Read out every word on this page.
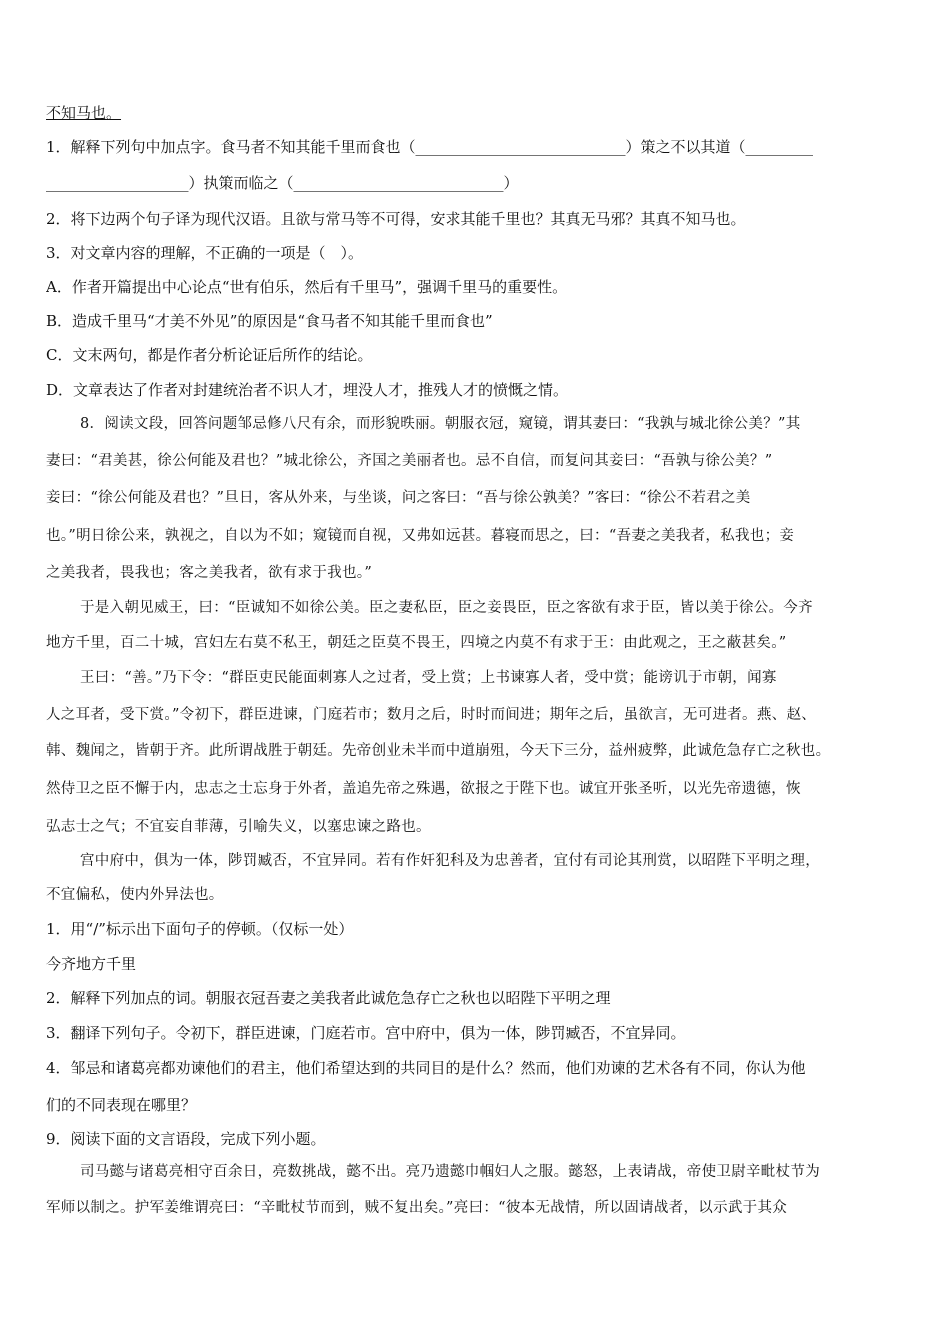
不知马也。
1．解释下列句中加点字。食马者不知其能千里而食也（____________________________）策之不以其道（_________
___________________）执策而临之（____________________________）
2．将下边两个句子译为现代汉语。且欲与常马等不可得，安求其能千里也？其真无马邪？其真不知马也。
3．对文章内容的理解，不正确的一项是（　）。
A．作者开篇提出中心论点“世有伯乐，然后有千里马”，强调千里马的重要性。
B．造成千里马“才美不外见”的原因是“食马者不知其能千里而食也”
C．文末两句，都是作者分析论证后所作的结论。
D．文章表达了作者对封建统治者不识人才，埋没人才，推残人才的愤慨之情。
8．阅读文段，回答问题邹忌修八尺有余，而形貌昳丽。朝服衣冠，窥镜，谓其妻曰：“我孰与城北徐公美？”其
妻曰：“君美甚，徐公何能及君也？”城北徐公，齐国之美丽者也。忌不自信，而复问其妾曰：“吾孰与徐公美？”
妾曰：“徐公何能及君也？”旦日，客从外来，与坐谈，问之客曰：“吾与徐公孰美？”客曰：“徐公不若君之美
也。”明日徐公来，孰视之，自以为不如；窥镜而自视，又弗如远甚。暮寝而思之，曰：“吾妻之美我者，私我也；妾
之美我者，畏我也；客之美我者，欲有求于我也。”
于是入朝见威王，曰：“臣诚知不如徐公美。臣之妻私臣，臣之妾畏臣，臣之客欲有求于臣，皆以美于徐公。今齐
地方千里，百二十城，宫妇左右莫不私王，朝廷之臣莫不畏王，四境之内莫不有求于王：由此观之，王之蔽甚矣。”
王曰：“善。”乃下令：“群臣吏民能面刺寡人之过者，受上赏；上书谏寡人者，受中赏；能谤讥于市朝，闻寡
人之耳者，受下赏。”令初下，群臣进谏，门庭若市；数月之后，时时而间进；期年之后，虽欲言，无可进者。燕、赵、
韩、魏闻之，皆朝于齐。此所谓战胜于朝廷。先帝创业未半而中道崩殂，今天下三分，益州疲弊，此诚危急存亡之秋也。
然侍卫之臣不懈于内，忠志之士忘身于外者，盖追先帝之殊遇，欲报之于陛下也。诚宜开张圣听，以光先帝遗德，恢
弘志士之气；不宜妄自菲薄，引喻失义，以塞忠谏之路也。
宫中府中，俱为一体，陟罚臧否，不宜异同。若有作奸犯科及为忠善者，宜付有司论其刑赏，以昭陛下平明之理，
不宜偏私，使内外异法也。
1．用“/”标示出下面句子的停顿。（仅标一处）
今齐地方千里
2．解释下列加点的词。朝服衣冠吾妻之美我者此诚危急存亡之秋也以昭陛下平明之理
3．翻译下列句子。令初下，群臣进谏，门庭若市。宫中府中，俱为一体，陟罚臧否，不宜异同。
4．邹忌和诸葛亮都劝谏他们的君主，他们希望达到的共同目的是什么？然而，他们劝谏的艺术各有不同，你认为他
们的不同表现在哪里？
9．阅读下面的文言语段，完成下列小题。
司马懿与诸葛亮相守百余日，亮数挑战，懿不出。亮乃遗懿巾帼妇人之服。懿怒，上表请战，帝使卫尉辛毗杖节为
军师以制之。护军姜维谓亮曰：“辛毗杖节而到，贼不复出矣。”亮曰：“彼本无战情，所以固请战者，以示武于其众
